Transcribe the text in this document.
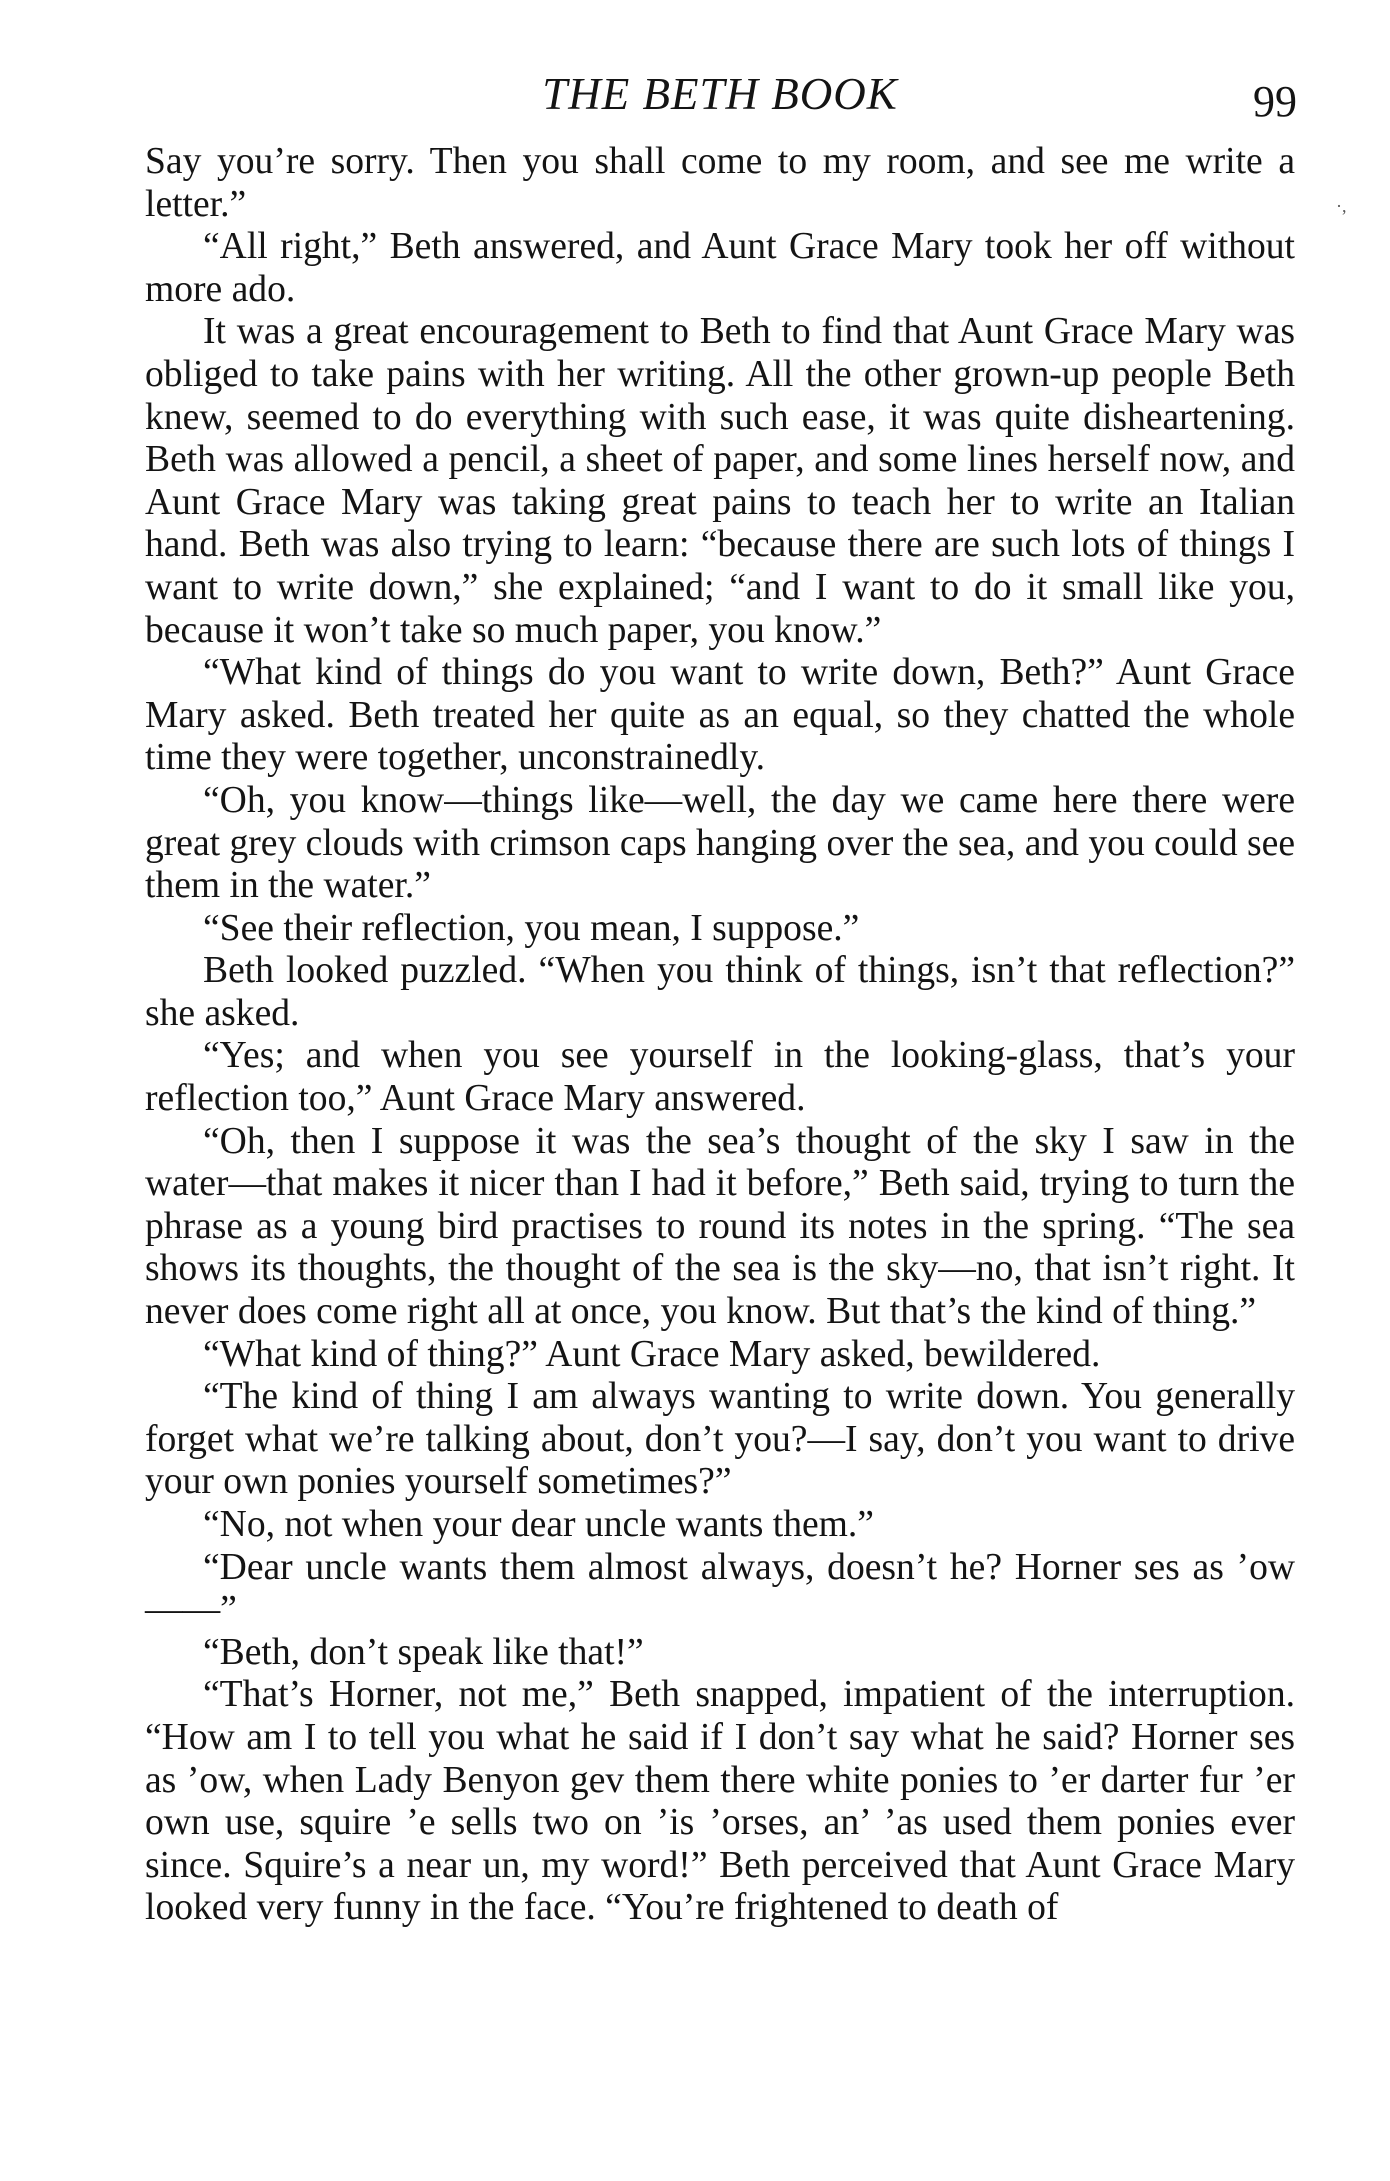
THE BETH BOOK	99
·,

Say you’re sorry. Then you shall come to my room, and see me write a letter.”

“All right,” Beth answered, and Aunt Grace Mary took her off without more ado.

It was a great encouragement to Beth to find that Aunt Grace Mary was obliged to take pains with her writing. All the other grown-up people Beth knew, seemed to do everything with such ease, it was quite disheartening. Beth was allowed a pencil, a sheet of paper, and some lines herself now, and Aunt Grace Mary was taking great pains to teach her to write an Italian hand. Beth was also trying to learn: “because there are such lots of things I want to write down,” she explained; “and I want to do it small like you, because it won’t take so much paper, you know.”

“What kind of things do you want to write down, Beth?” Aunt Grace Mary asked. Beth treated her quite as an equal, so they chatted the whole time they were together, unconstrainedly.

“Oh, you know—things like—well, the day we came here there were great grey clouds with crimson caps hanging over the sea, and you could see them in the water.”

“See their reflection, you mean, I suppose.”

Beth looked puzzled. “When you think of things, isn’t that reflection?” she asked.

“Yes; and when you see yourself in the looking-glass, that’s your reflection too,” Aunt Grace Mary answered.

“Oh, then I suppose it was the sea’s thought of the sky I saw in the water—that makes it nicer than I had it before,” Beth said, trying to turn the phrase as a young bird practises to round its notes in the spring. “The sea shows its thoughts, the thought of the sea is the sky—no, that isn’t right. It never does come right all at once, you know. But that’s the kind of thing.”

“What kind of thing?” Aunt Grace Mary asked, bewildered.

“The kind of thing I am always wanting to write down. You generally forget what we’re talking about, don’t you?—I say, don’t you want to drive your own ponies yourself sometimes?”

“No, not when your dear uncle wants them.”

“Dear uncle wants them almost always, doesn’t he? Horner ses as ’ow——”

“Beth, don’t speak like that!”

“That’s Horner, not me,” Beth snapped, impatient of the interruption. “How am I to tell you what he said if I don’t say what he said? Horner ses as ’ow, when Lady Benyon gev them there white ponies to ’er darter fur ’er own use, squire ’e sells two on ’is ’orses, an’ ’as used them ponies ever since. Squire’s a near un, my word!” Beth perceived that Aunt Grace Mary looked very funny in the face. “You’re frightened to death of
